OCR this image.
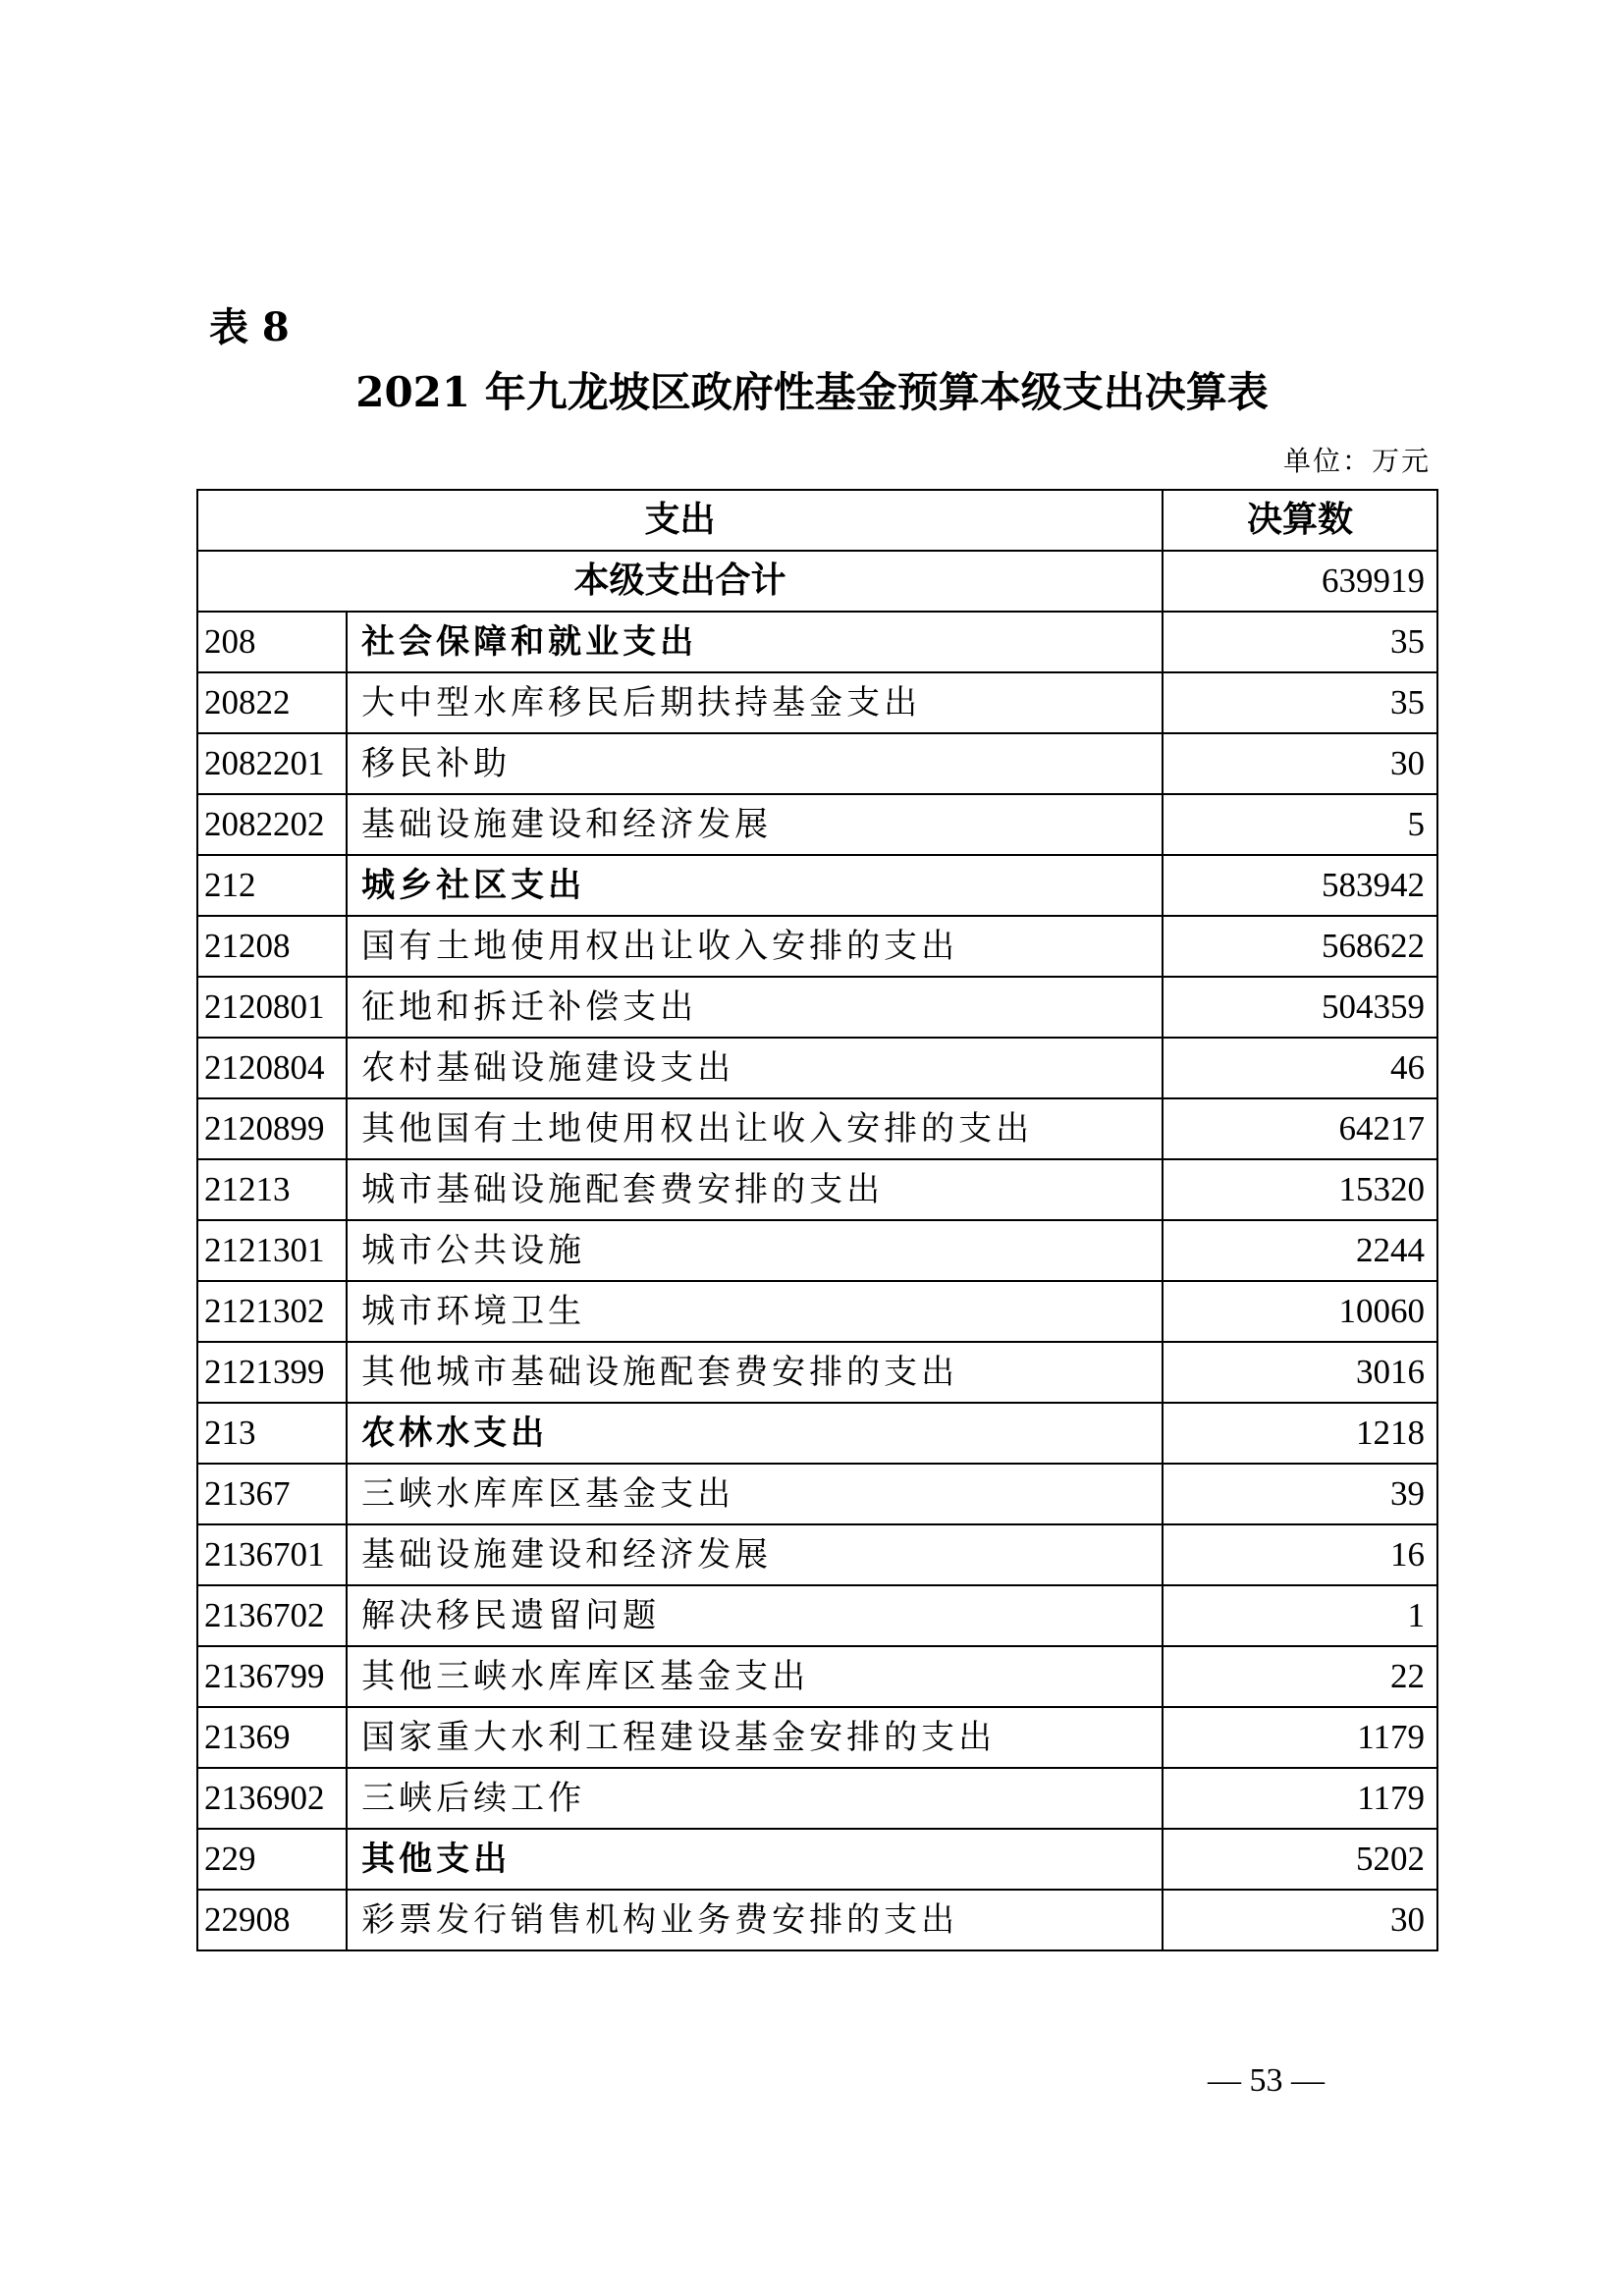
表 8
2021 年九龙坡区政府性基金预算本级支出决算表
单位：万元
支出		决算数
本级支出合计		639919
208	社会保障和就业支出	35
20822	大中型水库移民后期扶持基金支出	35
2082201	移民补助	30
2082202	基础设施建设和经济发展	5
212	城乡社区支出	583942
21208	国有土地使用权出让收入安排的支出	568622
2120801	征地和拆迁补偿支出	504359
2120804	农村基础设施建设支出	46
2120899	其他国有土地使用权出让收入安排的支出	64217
21213	城市基础设施配套费安排的支出	15320
2121301	城市公共设施	2244
2121302	城市环境卫生	10060
2121399	其他城市基础设施配套费安排的支出	3016
213	农林水支出	1218
21367	三峡水库库区基金支出	39
2136701	基础设施建设和经济发展	16
2136702	解决移民遗留问题	1
2136799	其他三峡水库库区基金支出	22
21369	国家重大水利工程建设基金安排的支出	1179
2136902	三峡后续工作	1179
229	其他支出	5202
22908	彩票发行销售机构业务费安排的支出	30
— 53 —
